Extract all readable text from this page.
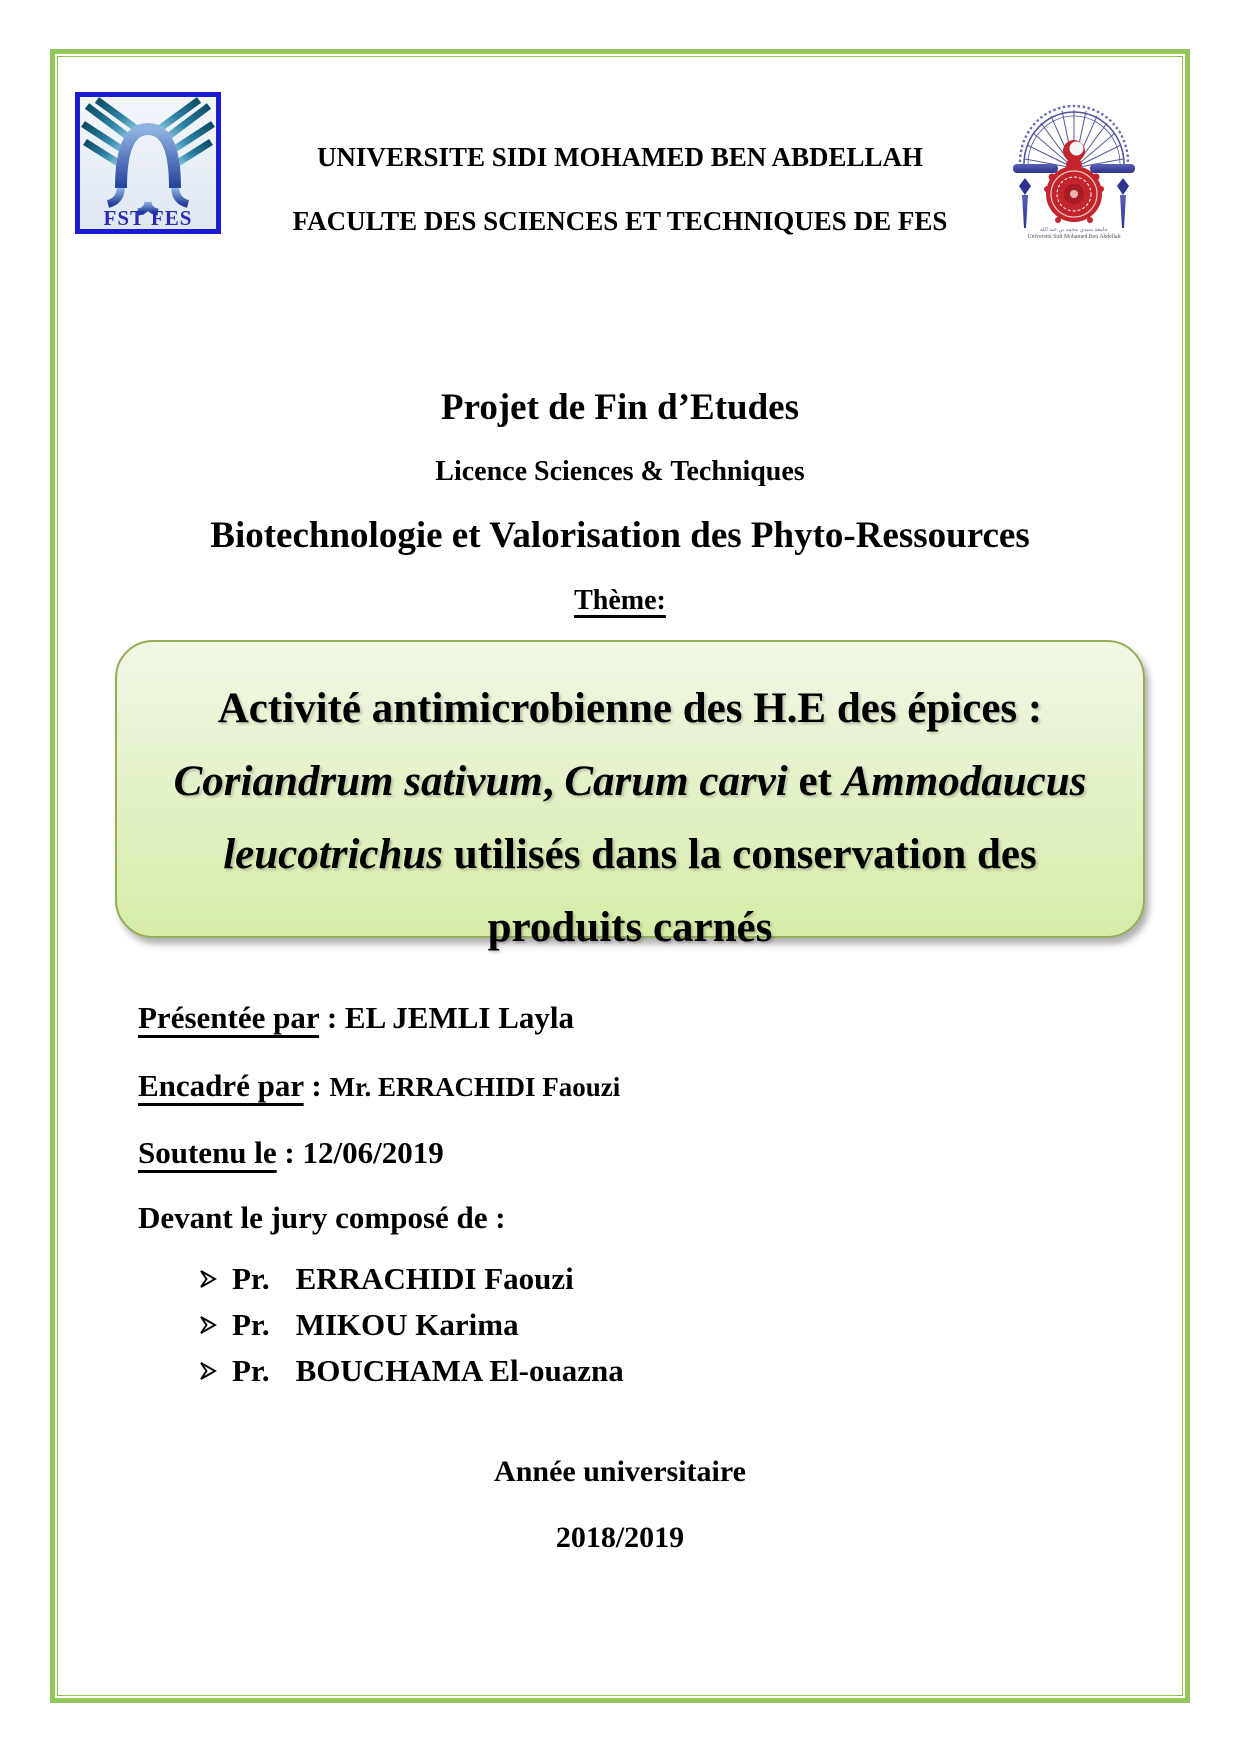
FST FES
UNIVERSITE SIDI MOHAMED BEN ABDELLAH
FACULTE DES SCIENCES ET TECHNIQUES DE FES	جامعة سيدي محمد بن عبد الله
Université Sidi Mohamed Ben Abdellah
Projet de Fin d’Etudes
Licence Sciences & Techniques
Biotechnologie et Valorisation des Phyto-Ressources
Thème:
Activité antimicrobienne des H.E des épices :
Coriandrum sativum, Carum carvi et Ammodaucus
leucotrichus utilisés dans la conservation des
produits carnés
Présentée par : EL JEMLI Layla
Encadré par : Mr. ERRACHIDI Faouzi
Soutenu le : 12/06/2019
Devant le jury composé de :
Pr. ERRACHIDI Faouzi
Pr. MIKOU Karima
Pr. BOUCHAMA El-ouazna
Année universitaire
2018/2019
